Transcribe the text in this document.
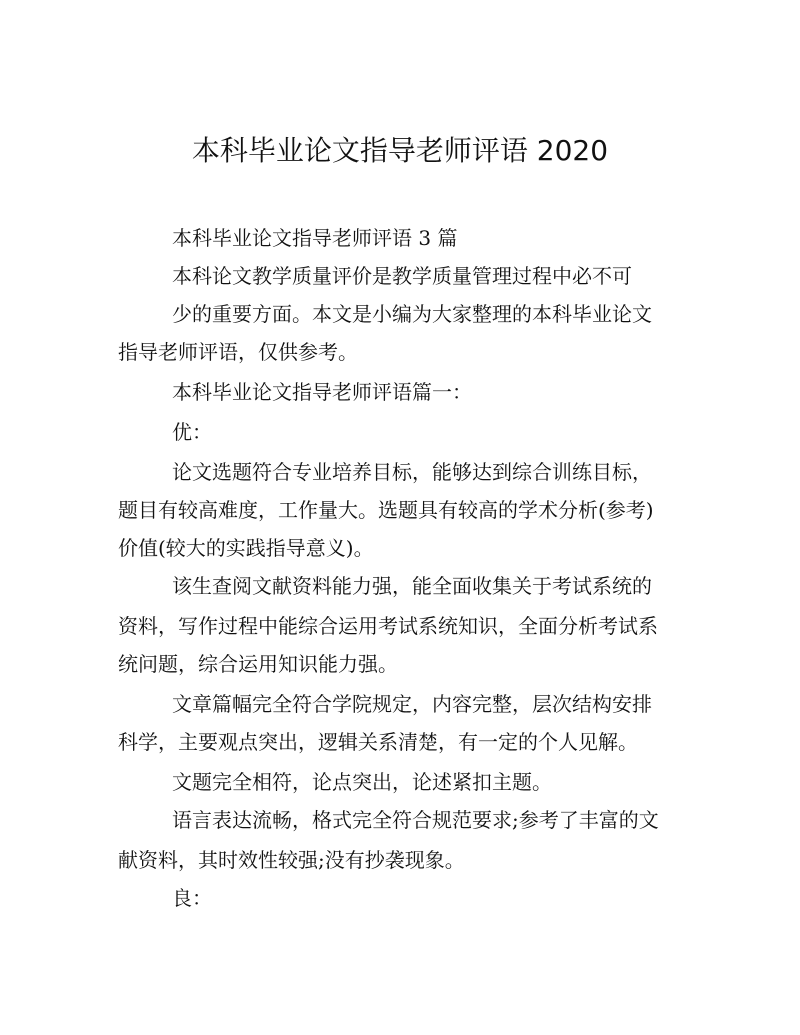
本科毕业论文指导老师评语 2020
本科毕业论文指导老师评语 3 篇
本科论文教学质量评价是教学质量管理过程中必不可
少的重要方面。本文是小编为大家整理的本科毕业论文
指导老师评语，仅供参考。
本科毕业论文指导老师评语篇一：
优：
论文选题符合专业培养目标，能够达到综合训练目标，
题目有较高难度，工作量大。选题具有较高的学术分析(参考)
价值(较大的实践指导意义)。
该生查阅文献资料能力强，能全面收集关于考试系统的
资料，写作过程中能综合运用考试系统知识，全面分析考试系
统问题，综合运用知识能力强。
文章篇幅完全符合学院规定，内容完整，层次结构安排
科学，主要观点突出，逻辑关系清楚，有一定的个人见解。
文题完全相符，论点突出，论述紧扣主题。
语言表达流畅，格式完全符合规范要求;参考了丰富的文
献资料，其时效性较强;没有抄袭现象。
良：
